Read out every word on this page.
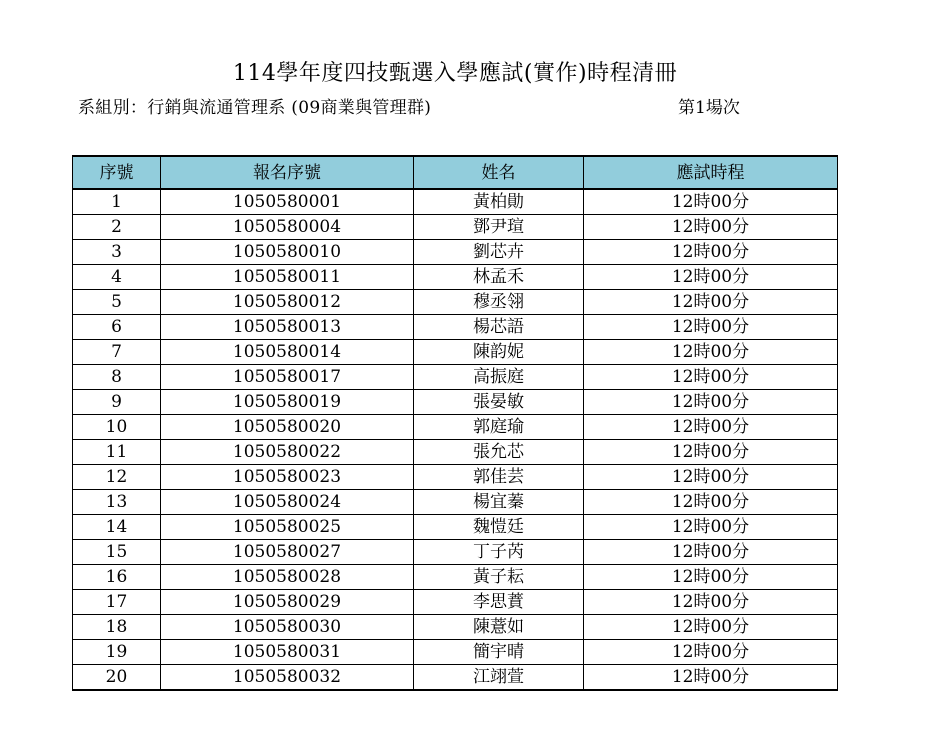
114學年度四技甄選入學應試(實作)時程清冊
系組別：行銷與流通管理系 (09商業與管理群)	第1場次
序號	報名序號	姓名	應試時程
1	1050580001	黃柏勛	12時00分
2	1050580004	鄧尹瑄	12時00分
3	1050580010	劉芯卉	12時00分
4	1050580011	林孟禾	12時00分
5	1050580012	穆丞翎	12時00分
6	1050580013	楊芯語	12時00分
7	1050580014	陳韵妮	12時00分
8	1050580017	高振庭	12時00分
9	1050580019	張晏敏	12時00分
10	1050580020	郭庭瑜	12時00分
11	1050580022	張允芯	12時00分
12	1050580023	郭佳芸	12時00分
13	1050580024	楊宜蓁	12時00分
14	1050580025	魏愷廷	12時00分
15	1050580027	丁子芮	12時00分
16	1050580028	黃子耘	12時00分
17	1050580029	李思蕡	12時00分
18	1050580030	陳薏如	12時00分
19	1050580031	簡宇晴	12時00分
20	1050580032	江翊萱	12時00分
